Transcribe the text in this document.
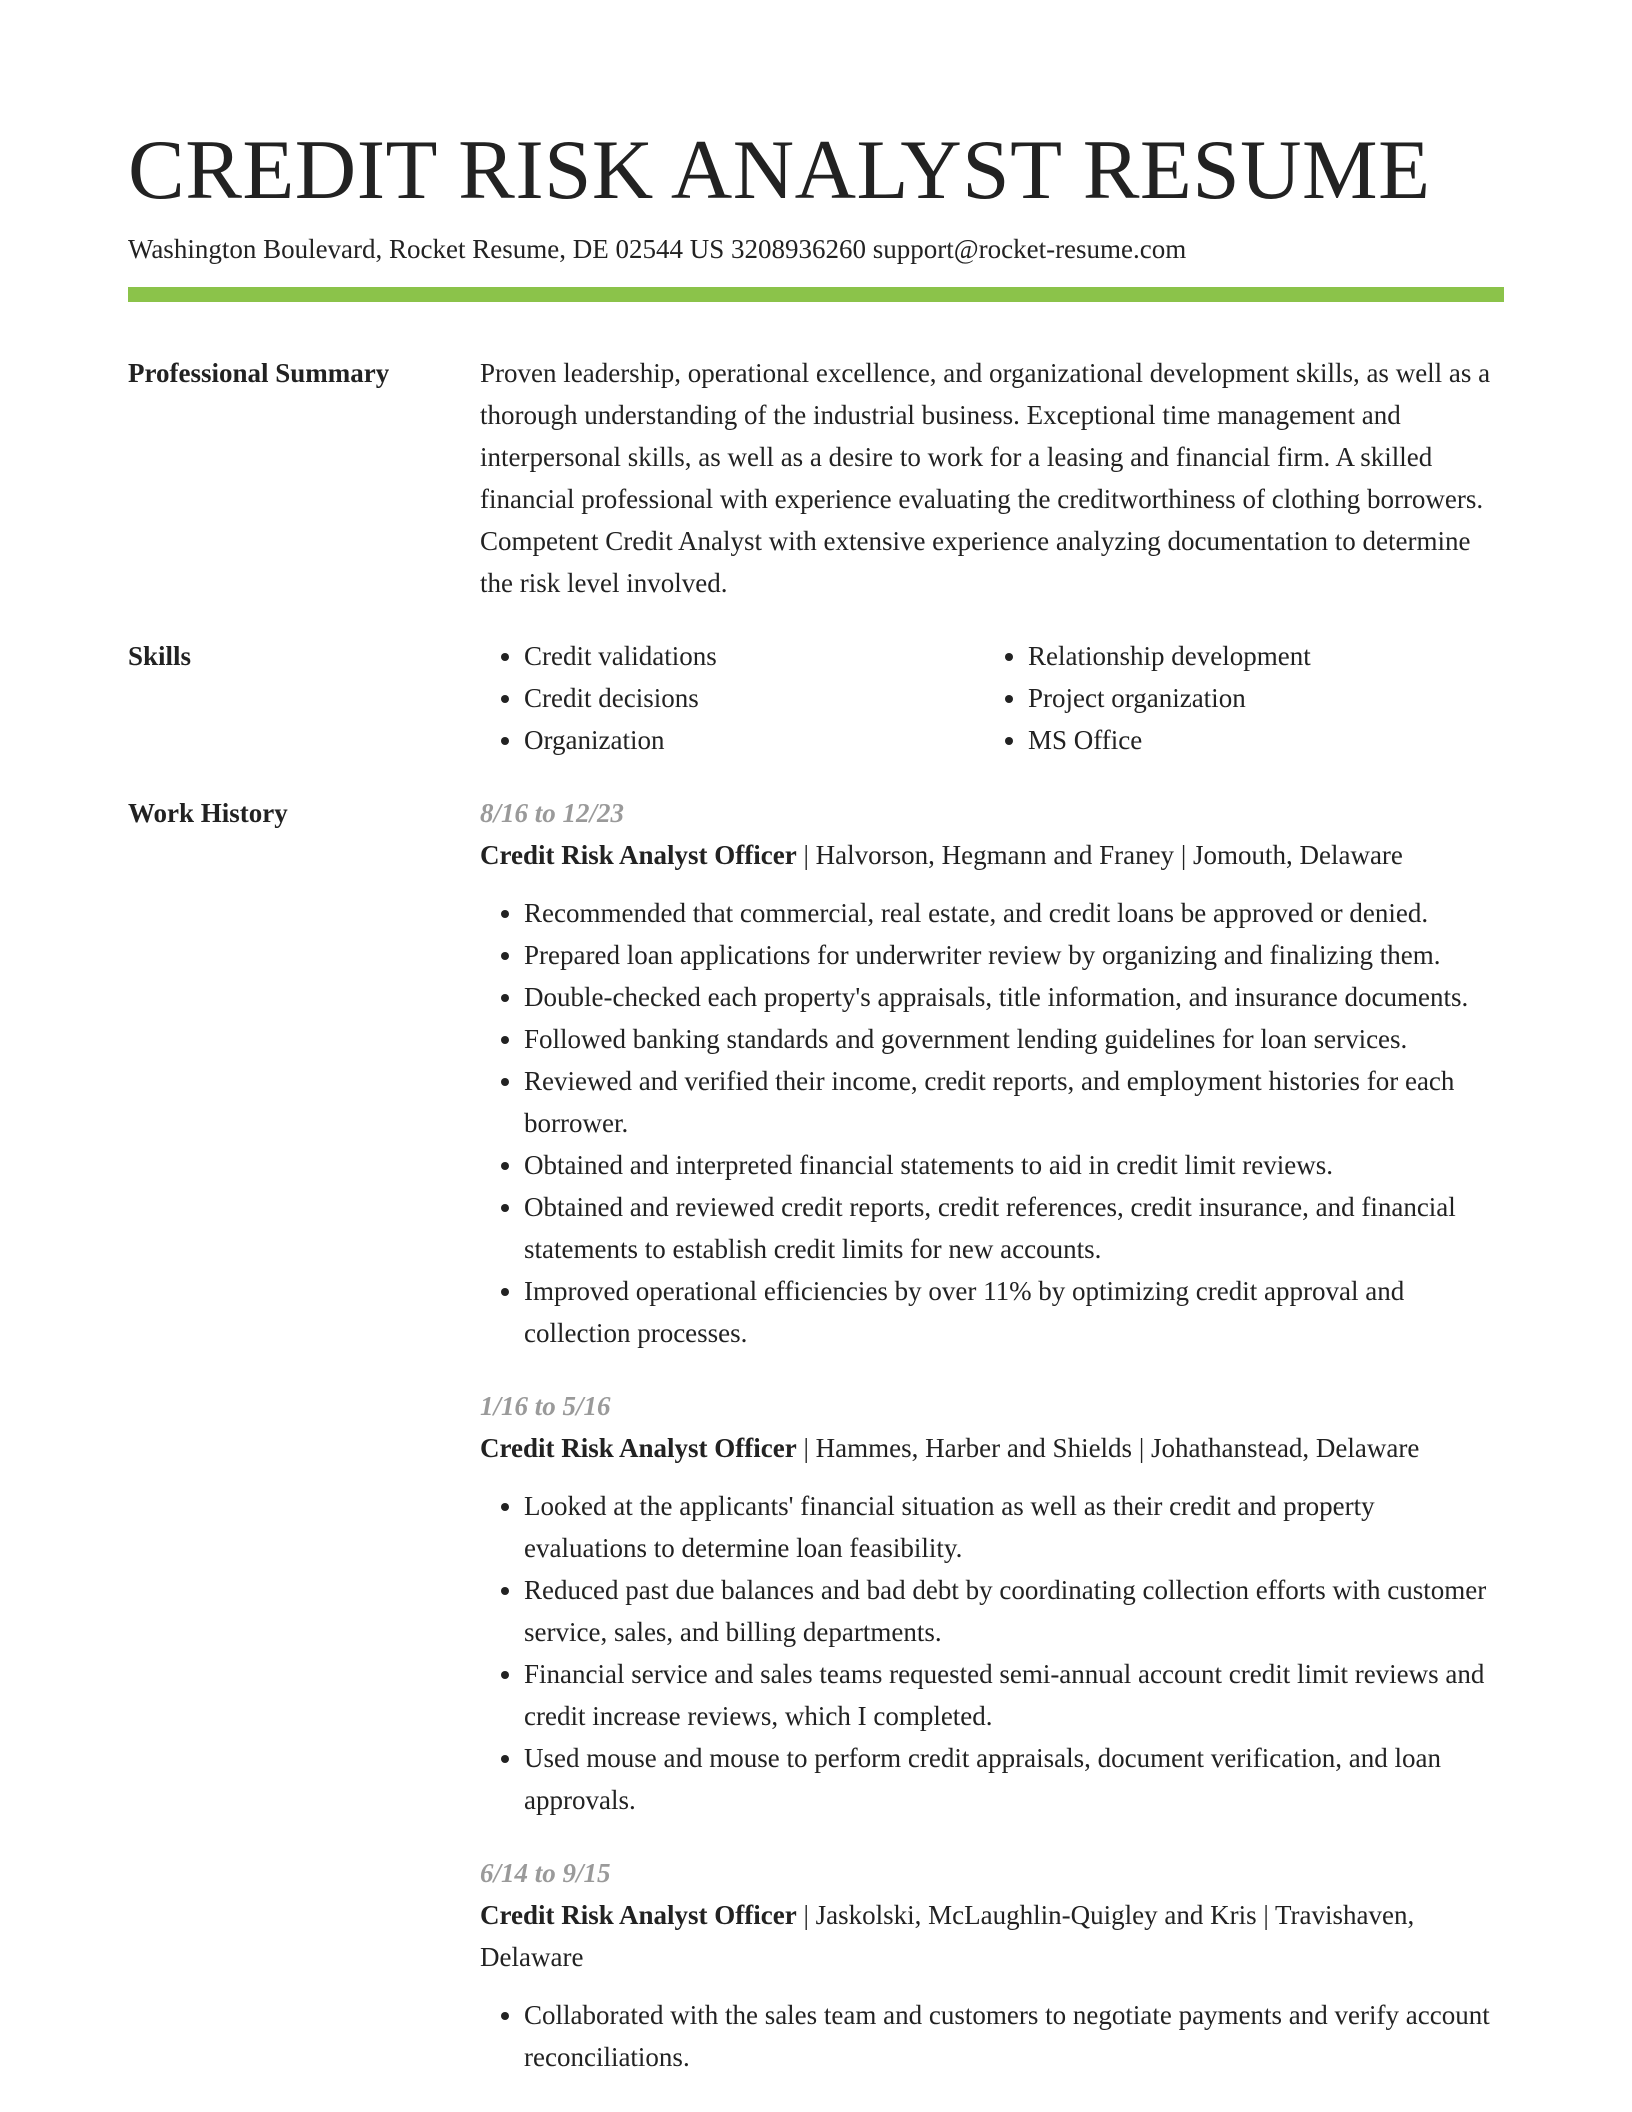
CREDIT RISK ANALYST RESUME
Washington Boulevard, Rocket Resume, DE 02544 US 3208936260 support@rocket-resume.com
Professional Summary	Proven leadership, operational excellence, and organizational development skills, as well as a thorough understanding of the industrial business. Exceptional time management and interpersonal skills, as well as a desire to work for a leasing and financial firm. A skilled financial professional with experience evaluating the creditworthiness of clothing borrowers. Competent Credit Analyst with extensive experience analyzing documentation to determine the risk level involved.
Skills
•	Credit validations
• Credit decisions
• Organization
• Relationship development
• Project organization
• MS Office
Work History	8/16 to 12/23
Credit Risk Analyst Officer | Halvorson, Hegmann and Franey | Jomouth, Delaware
• Recommended that commercial, real estate, and credit loans be approved or denied.
• Prepared loan applications for underwriter review by organizing and finalizing them.
• Double-checked each property's appraisals, title information, and insurance documents.
• Followed banking standards and government lending guidelines for loan services.
• Reviewed and verified their income, credit reports, and employment histories for each borrower.
• Obtained and interpreted financial statements to aid in credit limit reviews.
• Obtained and reviewed credit reports, credit references, credit insurance, and financial statements to establish credit limits for new accounts.
• Improved operational efficiencies by over 11% by optimizing credit approval and collection processes.
1/16 to 5/16
Credit Risk Analyst Officer | Hammes, Harber and Shields | Johathanstead, Delaware
• Looked at the applicants' financial situation as well as their credit and property evaluations to determine loan feasibility.
• Reduced past due balances and bad debt by coordinating collection efforts with customer service, sales, and billing departments.
• Financial service and sales teams requested semi-annual account credit limit reviews and credit increase reviews, which I completed.
• Used mouse and mouse to perform credit appraisals, document verification, and loan approvals.
6/14 to 9/15
Credit Risk Analyst Officer | Jaskolski, McLaughlin-Quigley and Kris | Travishaven, Delaware
• Collaborated with the sales team and customers to negotiate payments and verify account reconciliations.
